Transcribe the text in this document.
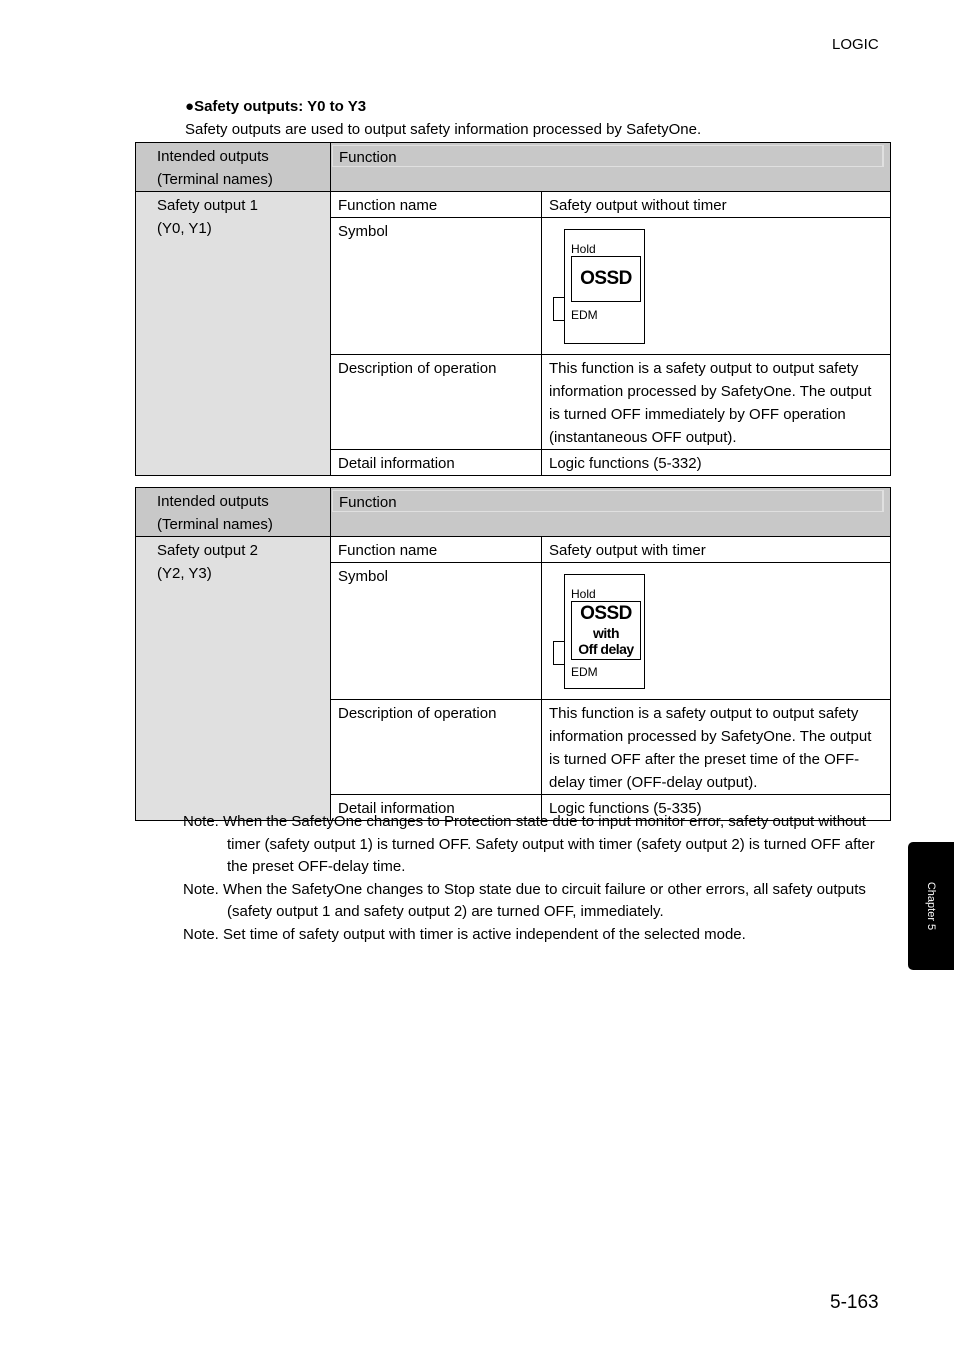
LOGIC
●Safety outputs: Y0 to Y3
Safety outputs are used to output safety information processed by SafetyOne.
Intended outputs
(Terminal names)	Function	

Safety output 1
(Y0, Y1)	Function name	Safety output without timer
	Symbol	Hold
OSSD
EDM

	Description of operation	This function is a safety output to output safety information processed by SafetyOne. The output is turned OFF immediately by OFF operation (instantaneous OFF output).
	Detail information	Logic functions (5-332)
Intended outputs
(Terminal names)	Function	

Safety output 2
(Y2, Y3)	Function name	Safety output with timer
	Symbol	Hold
OSSD
with
Off delay
EDM

	Description of operation	This function is a safety output to output safety information processed by SafetyOne. The output is turned OFF after the preset time of the OFF-delay timer (OFF-delay output).
	Detail information	Logic functions (5-335)
Note. When the SafetyOne changes to Protection state due to input monitor error, safety output without timer (safety output 1) is turned OFF. Safety output with timer (safety output 2) is turned OFF after the preset OFF-delay time.
Note. When the SafetyOne changes to Stop state due to circuit failure or other errors, all safety outputs (safety output 1 and safety output 2) are turned OFF, immediately.
Note. Set time of safety output with timer is active independent of the selected mode.
Chapter 5
5-163
